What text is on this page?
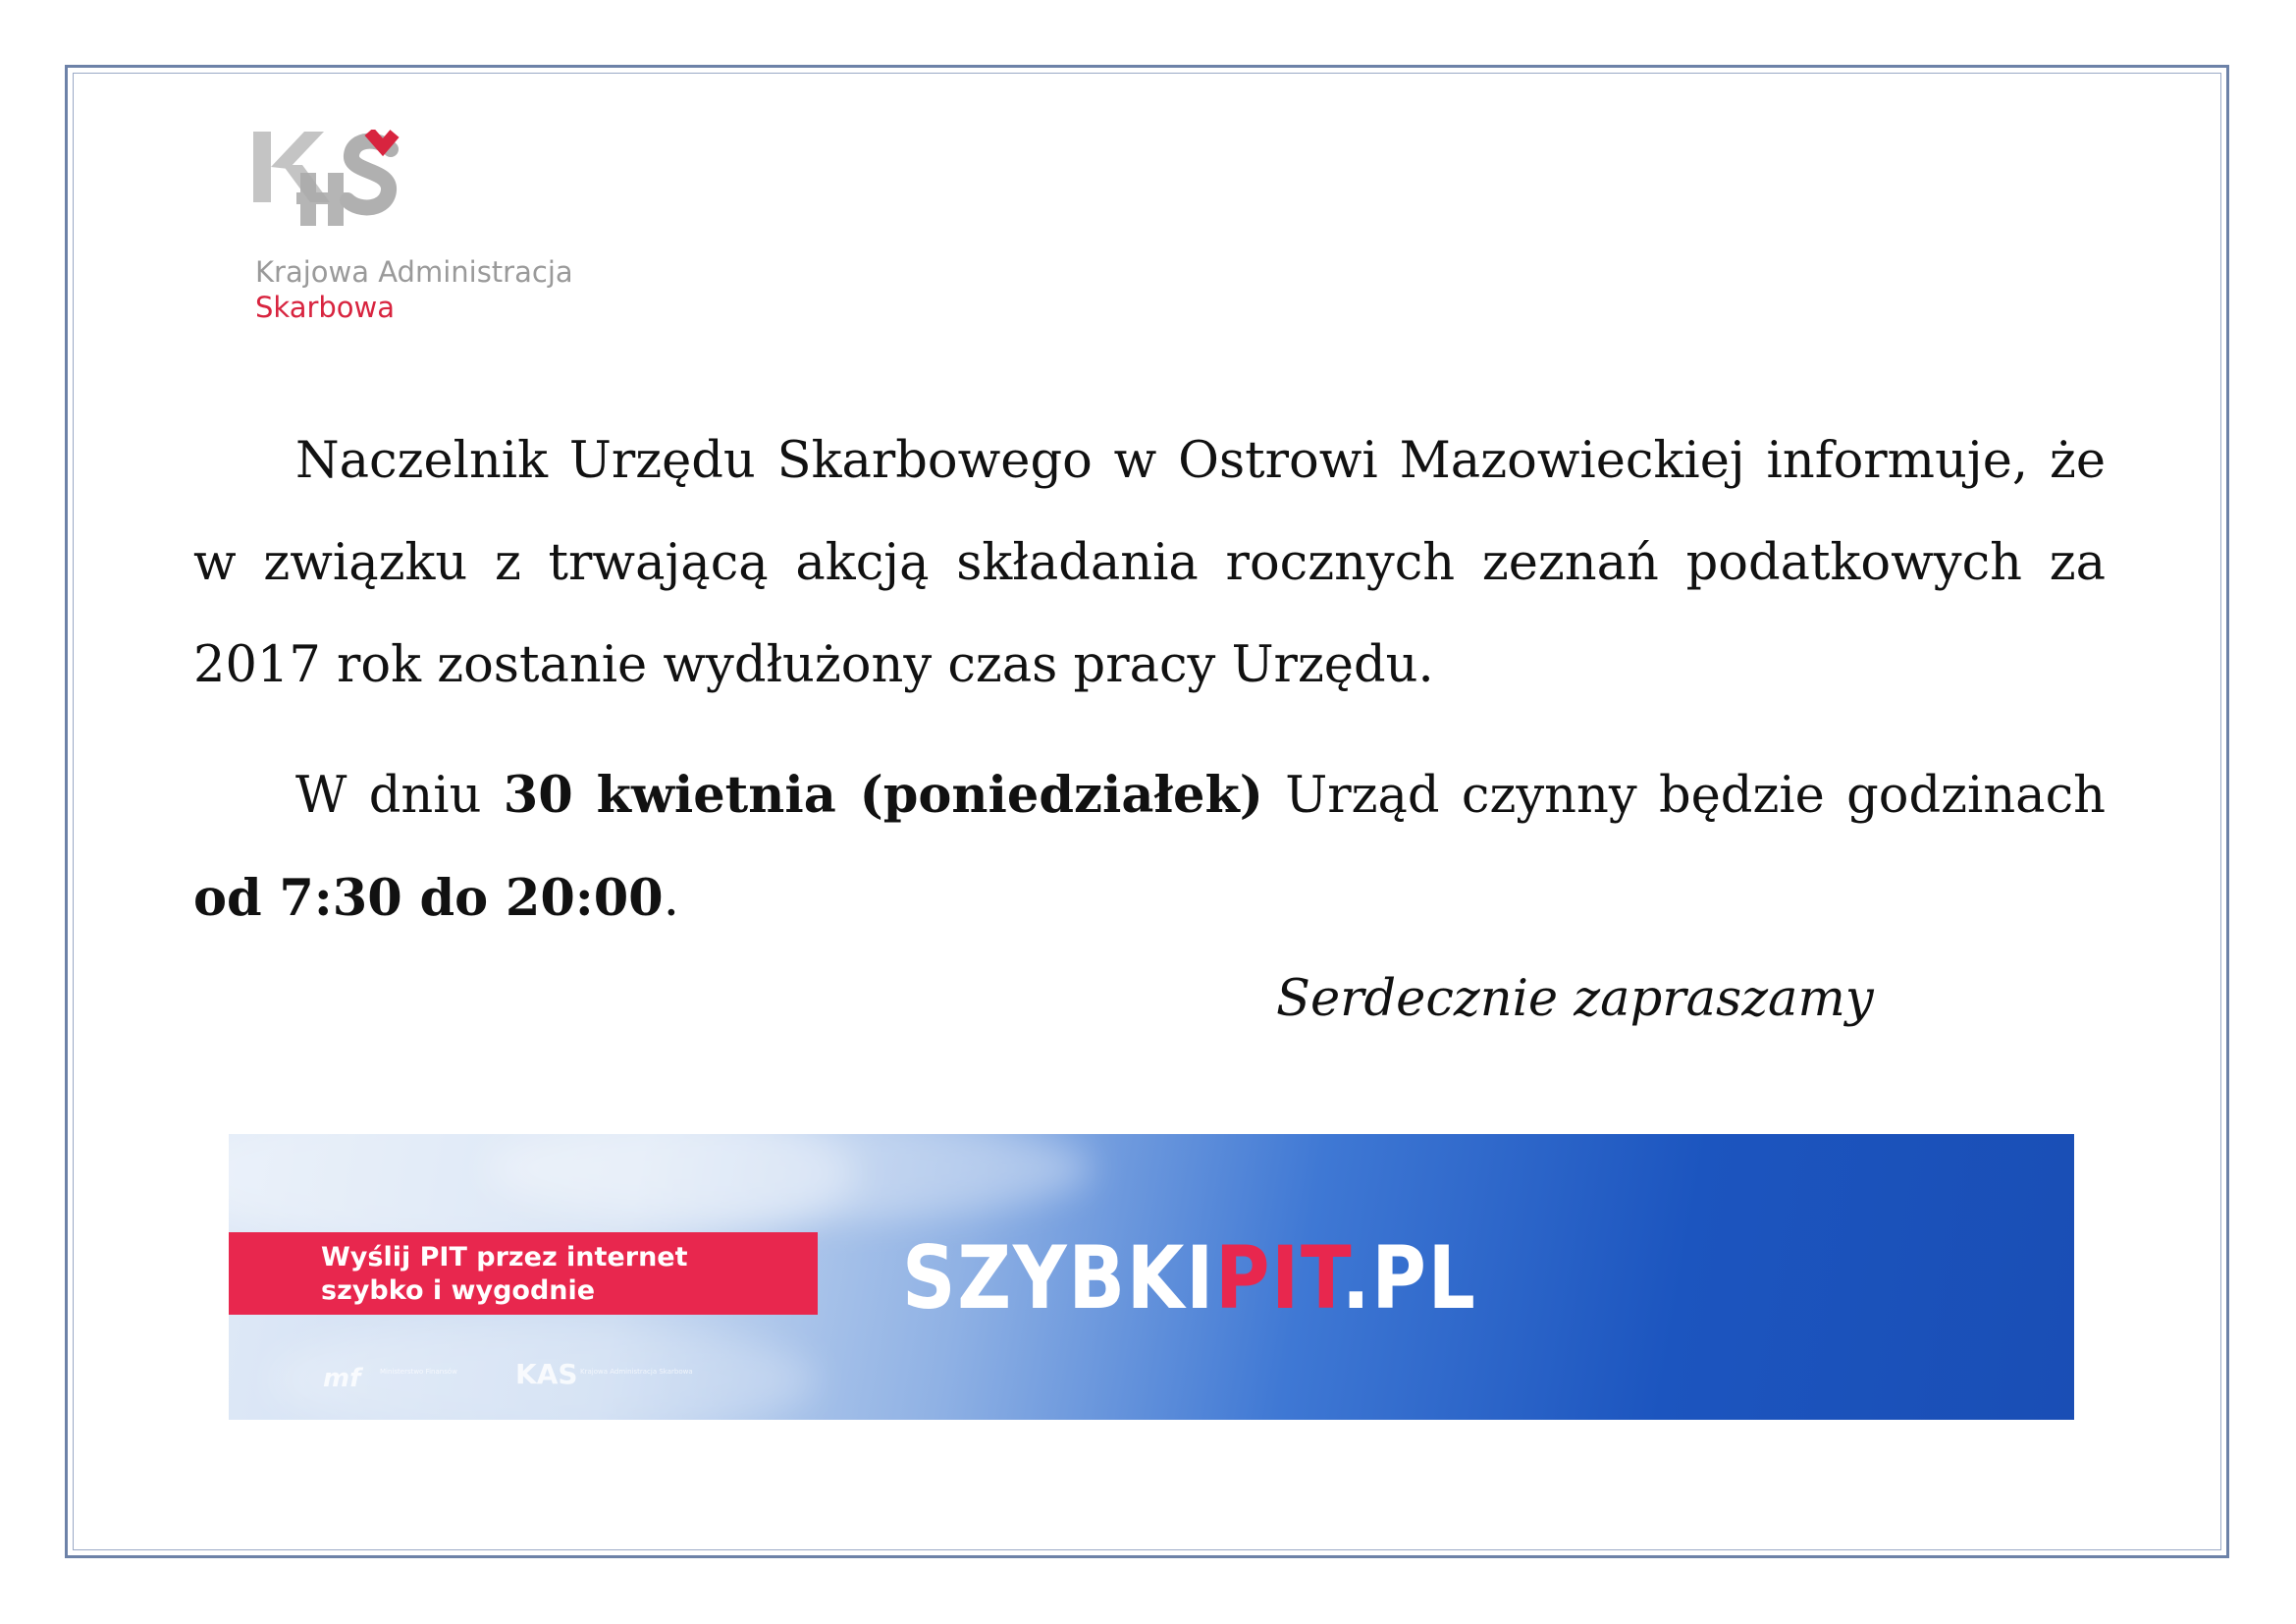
Krajowa Administracja
Skarbowa

Naczelnik Urzędu Skarbowego w Ostrowi Mazowieckiej informuje, że w związku z trwającą akcją składania rocznych zeznań podatkowych za 2017 rok zostanie wydłużony czas pracy Urzędu.

W dniu 30 kwietnia (poniedziałek) Urząd czynny będzie godzinach od 7:30 do 20:00.

Serdecznie zapraszamy
Wyślij PIT przez internet
szybko i wygodnie	SZYBKIPIT.PL
mf	Ministerstwo Finansów KAS Krajowa Administracja Skarbowa
